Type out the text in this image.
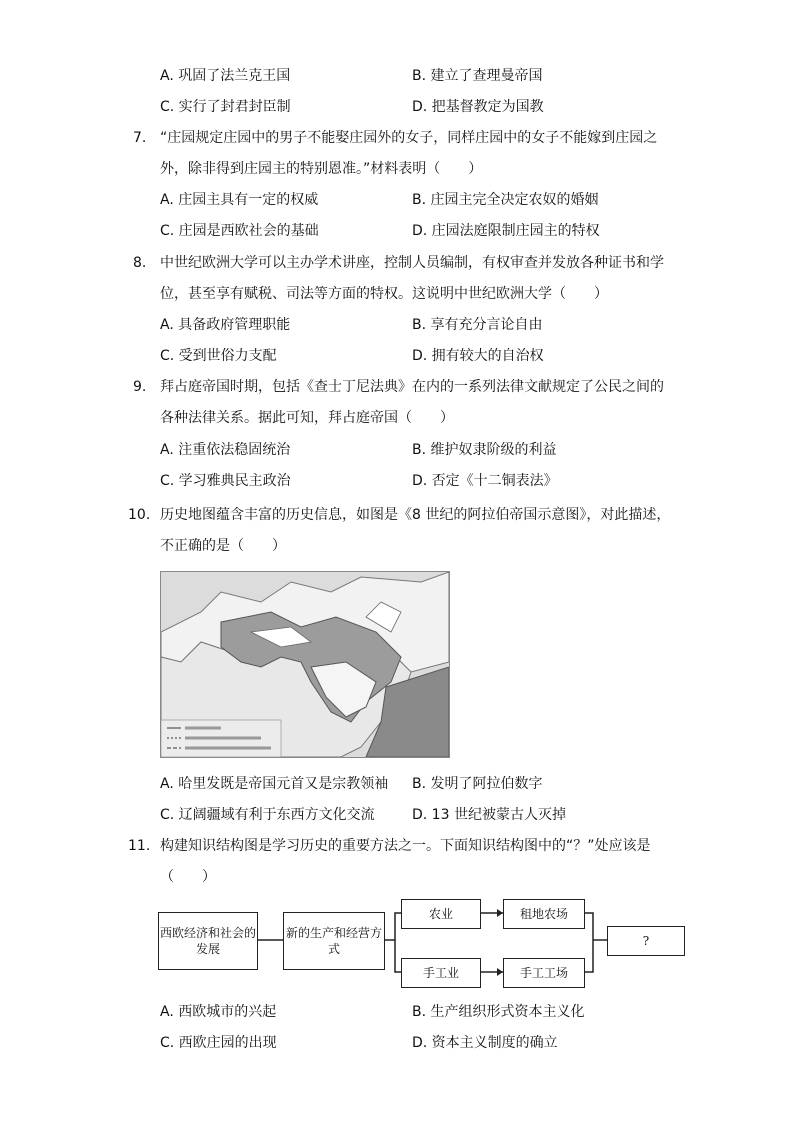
A. 巩固了法兰克王国	B. 建立了查理曼帝国
C. 实行了封君封臣制	D. 把基督教定为国教
7. “庄园规定庄园中的男子不能娶庄园外的女子，同样庄园中的女子不能嫁到庄园之
外，除非得到庄园主的特别恩准。”材料表明（　　）
A. 庄园主具有一定的权威	B. 庄园主完全决定农奴的婚姻
C. 庄园是西欧社会的基础	D. 庄园法庭限制庄园主的特权
8. 中世纪欧洲大学可以主办学术讲座，控制人员编制，有权审查并发放各种证书和学
位，甚至享有赋税、司法等方面的特权。这说明中世纪欧洲大学（　　）
A. 具备政府管理职能	B. 享有充分言论自由
C. 受到世俗力支配	D. 拥有较大的自治权
9. 拜占庭帝国时期，包括《查士丁尼法典》在内的一系列法律文献规定了公民之间的
各种法律关系。据此可知，拜占庭帝国（　　）
A. 注重依法稳固统治	B. 维护奴隶阶级的利益
C. 学习雅典民主政治	D. 否定《十二铜表法》
10. 历史地图蕴含丰富的历史信息，如图是《8 世纪的阿拉伯帝国示意图》，对此描述，
不正确的是（　　）
A. 哈里发既是帝国元首又是宗教领袖 B. 发明了阿拉伯数字
C. 辽阔疆域有利于东西方文化交流	D. 13 世纪被蒙古人灭掉
11. 构建知识结构图是学习历史的重要方法之一。下面知识结构图中的“？”处应该是
（　　）
西欧经济和社会的发展
新的生产和经营方式
农业	租地农场
手工业	手工工场
?
A. 西欧城市的兴起	B. 生产组织形式资本主义化
C. 西欧庄园的出现	D. 资本主义制度的确立
